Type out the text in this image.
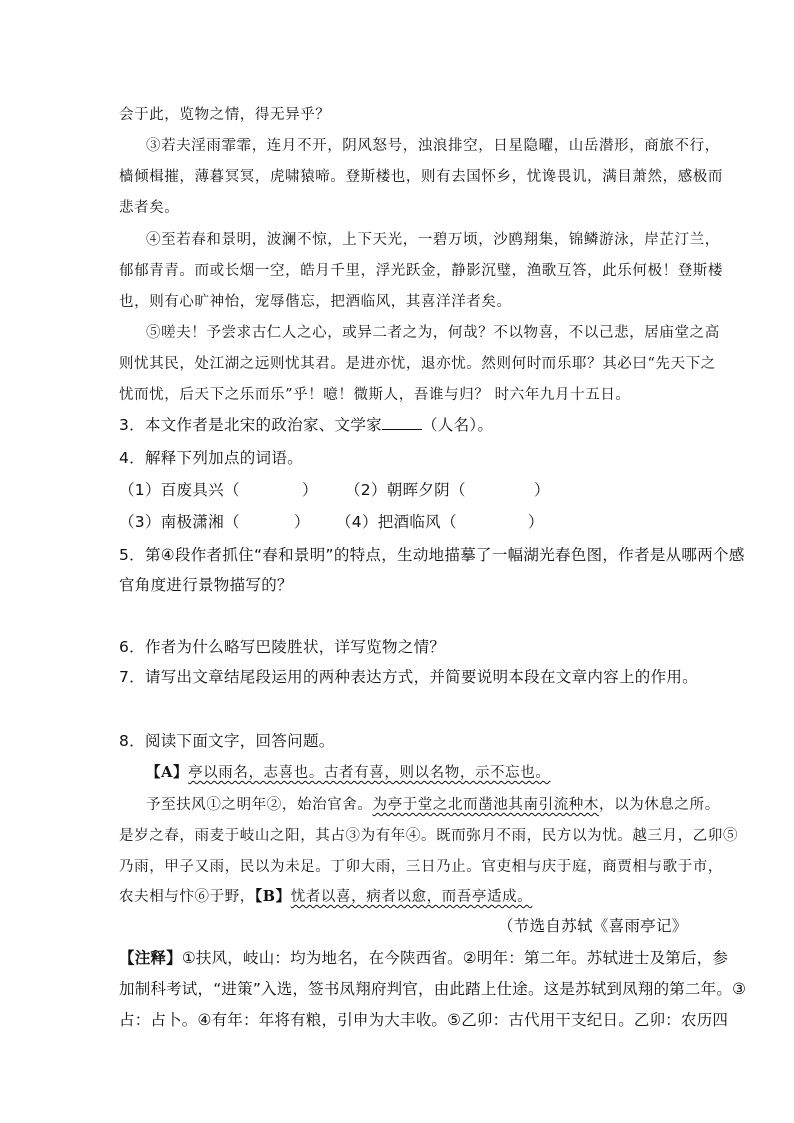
会于此，览物之情，得无异乎？
③若夫淫雨霏霏，连月不开，阴风怒号，浊浪排空，日星隐曜，山岳潜形，商旅不行，
樯倾楫摧，薄暮冥冥，虎啸猿啼。登斯楼也，则有去国怀乡，忧谗畏讥，满目萧然，感极而
悲者矣。
④至若春和景明，波澜不惊，上下天光，一碧万顷，沙鸥翔集，锦鳞游泳，岸芷汀兰，
郁郁青青。而或长烟一空，皓月千里，浮光跃金，静影沉璧，渔歌互答，此乐何极！登斯楼
也，则有心旷神怡，宠辱偕忘，把酒临风，其喜洋洋者矣。
⑤嗟夫！予尝求古仁人之心，或异二者之为，何哉？不以物喜，不以己悲，居庙堂之高
则忧其民，处江湖之远则忧其君。是进亦忧，退亦忧。然则何时而乐耶？其必曰“先天下之
忧而忧，后天下之乐而乐”乎！噫！微斯人，吾谁与归？ 时六年九月十五日。
3．本文作者是北宋的政治家、文学家	（人名）。
4．解释下列加点的词语。
（1）百废具兴（	） （2）朝晖夕阴（	）
（3）南极潇湘（	） （4）把酒临风（	）
5．第④段作者抓住“春和景明”的特点，生动地描摹了一幅湖光春色图，作者是从哪两个感
官角度进行景物描写的？
6．作者为什么略写巴陵胜状，详写览物之情？
7．请写出文章结尾段运用的两种表达方式，并简要说明本段在文章内容上的作用。
8．阅读下面文字，回答问题。
【A】亭以雨名，志喜也。古者有喜，则以名物，示不忘也。
予至扶风①之明年②，始治官舍。为亭于堂之北而凿池其南引流种木，以为休息之所。
是岁之春，雨麦于岐山之阳，其占③为有年④。既而弥月不雨，民方以为忧。越三月，乙卯⑤
乃雨，甲子又雨，民以为未足。丁卯大雨，三日乃止。官吏相与庆于庭，商贾相与歌于市，
农夫相与忭⑥于野，【B】忧者以喜，病者以愈，而吾亭适成。
（节选自苏轼《喜雨亭记》
【注释】①扶风，岐山：均为地名，在今陕西省。②明年：第二年。苏轼进士及第后，参
加制科考试，“进策”入选，签书凤翔府判官，由此踏上仕途。这是苏轼到凤翔的第二年。③
占：占卜。④有年：年将有粮，引申为大丰收。⑤乙卯：古代用干支纪日。乙卯：农历四
